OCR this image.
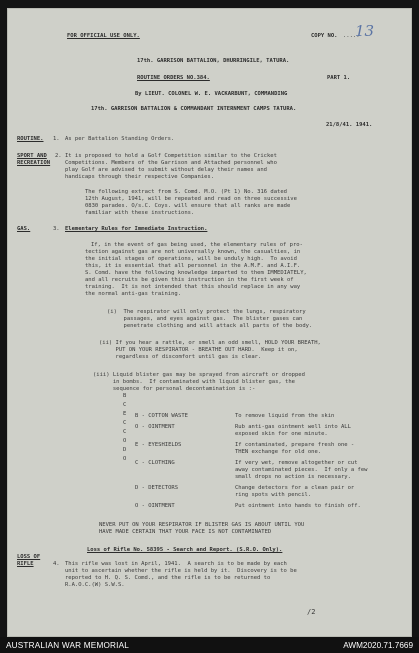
13
FOR OFFICIAL USE ONLY.	COPY NO. .....
17th. GARRISON BATTALION, DHURRINGILE, TATURA.
ROUTINE ORDERS NO.384.	PART 1.
By LIEUT. COLONEL W. E. VACKARBUNT, COMMANDING
17th. GARRISON BATTALION & COMMANDANT INTERNMENT CAMPS TATURA.
21/8/41. 1941.
ROUTINE. 1. As per Battalion Standing Orders.
SPORT AND
RECREATION
2. It is proposed to hold a Golf Competition similar to the Cricket
Competitions. Members of the Garrison and Attached personnel who
play Golf are advised to submit without delay their names and
handicaps through their respective Companies.
The following extract from S. Comd. M.O. (Pt 1) No. 316 dated
12th August, 1941, will be repeated and read on three successive
0830 parades. O/s.C. Coys. will ensure that all ranks are made
familiar with these instructions.
GAS.	3. Elementary Rules for Immediate Instruction.
If, in the event of gas being used, the elementary rules of pro-
tection against gas are not universally known, the casualties, in
the initial stages of operations, will be unduly high.  To avoid
this, it is essential that all personnel in the A.M.F. and A.I.F.
S. Comd. have the following knowledge imparted to them IMMEDIATELY,
and all recruits be given this instruction in the first week of
training.  It is not intended that this should replace in any way
the normal anti-gas training.
(i)  The respirator will only protect the lungs, respiratory
passages, and eyes against gas.  The blister gases can
penetrate clothing and will attack all parts of the body.
(ii) If you hear a rattle, or smell an odd smell, HOLD YOUR BREATH,
PUT ON YOUR RESPIRATOR - BREATHE OUT HARD.  Keep it on,
regardless of discomfort until gas is clear.
(iii) Liquid blister gas may be sprayed from aircraft or dropped
in bombs.  If contaminated with liquid blister gas, the
sequence for personal decontamination is :-
B
C
E
C
C
O
D
O
B - COTTON WASTE	To remove liquid from the skin
O - OINTMENT	Rub anti-gas ointment well into ALL
exposed skin for one minute.
E - EYESHIELDS	If contaminated, prepare fresh one -
THEN exchange for old one.
C - CLOTHING	If very wet, remove altogether or cut
away contaminated pieces.  If only a few
small drops no action is necessary.
D - DETECTORS	Change detectors for a clean pair or
ring spots with pencil.
O - OINTMENT	Put ointment into hands to finish off.
NEVER PUT ON YOUR RESPIRATOR IF BLISTER GAS IS ABOUT UNTIL YOU
HAVE MADE CERTAIN THAT YOUR FACE IS NOT CONTAMINATED
Loss of Rifle No. 58395 - Search and Report. (S.R.O. Only).
LOSS OF
RIFLE	4. This rifle was lost in April, 1941.  A search is to be made by each
unit to ascertain whether the rifle is held by it.  Discovery is to be
reported to H. Q. S. Comd., and the rifle is to be returned to
R.A.O.C.(W) S.W.S.
/2
AUSTRALIAN WAR MEMORIAL	AWM2020.71.7669
